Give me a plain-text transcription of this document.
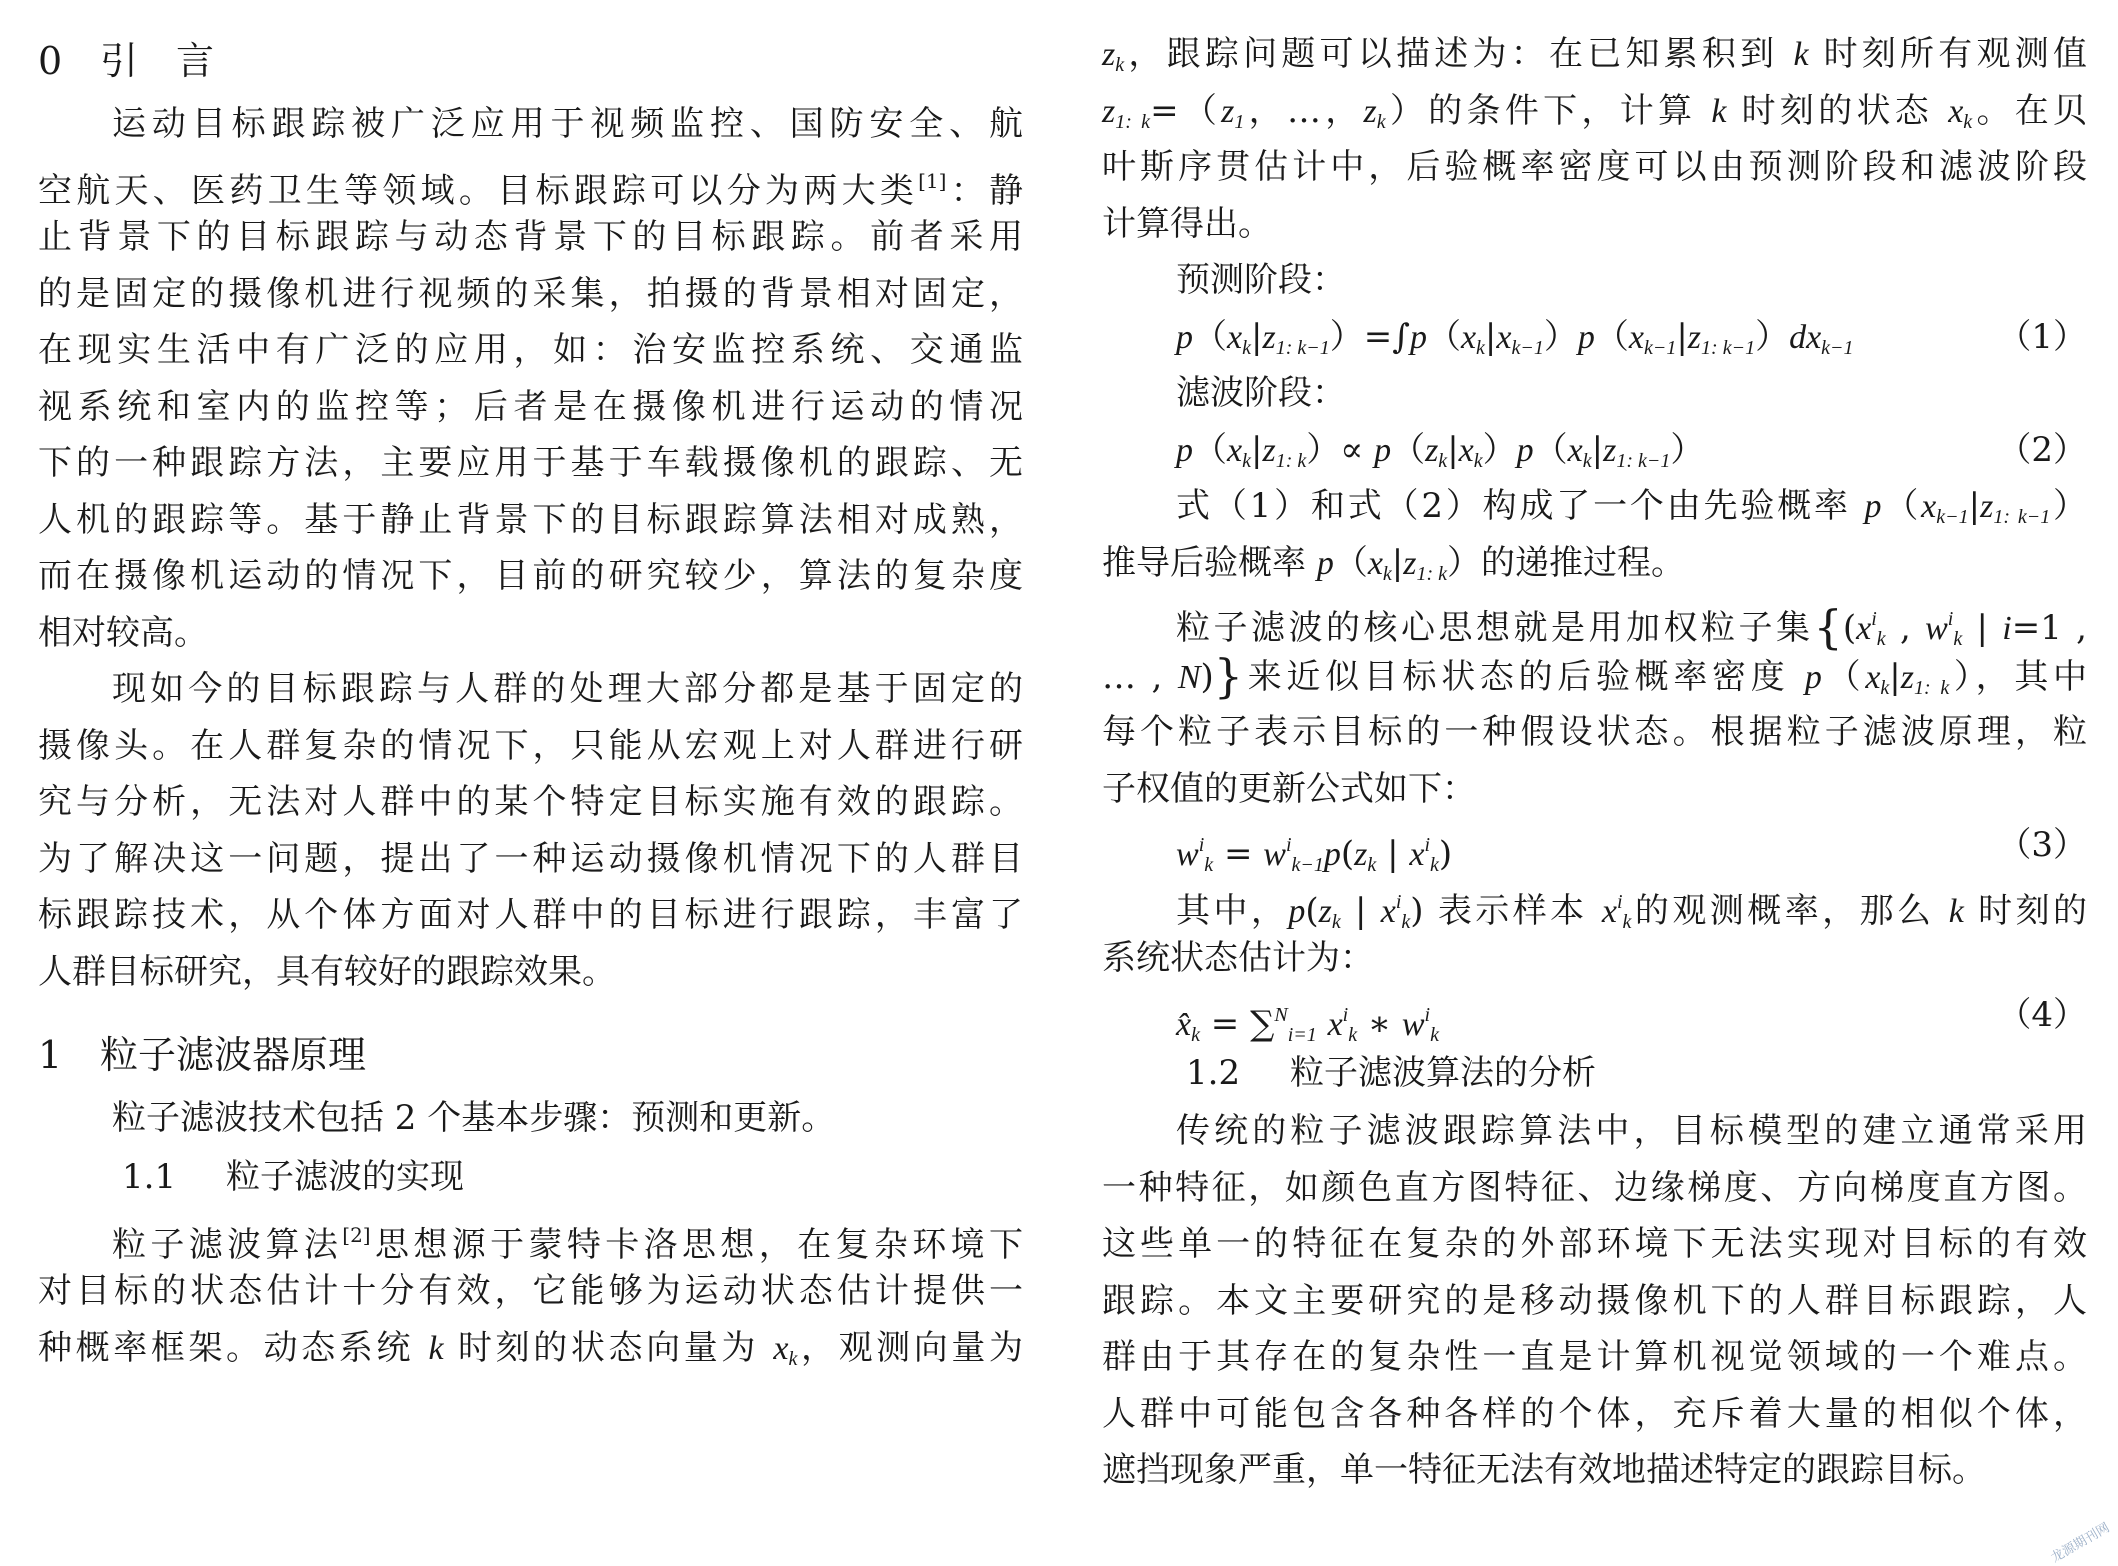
0 引　言
运动目标跟踪被广泛应用于视频监控、国防安全、航
空航天、医药卫生等领域。目标跟踪可以分为两大类[1]：静
止背景下的目标跟踪与动态背景下的目标跟踪。前者采用
的是固定的摄像机进行视频的采集，拍摄的背景相对固定，
在现实生活中有广泛的应用，如：治安监控系统、交通监
视系统和室内的监控等；后者是在摄像机进行运动的情况
下的一种跟踪方法，主要应用于基于车载摄像机的跟踪、无
人机的跟踪等。基于静止背景下的目标跟踪算法相对成熟，
而在摄像机运动的情况下，目前的研究较少，算法的复杂度
相对较高。
现如今的目标跟踪与人群的处理大部分都是基于固定的
摄像头。在人群复杂的情况下，只能从宏观上对人群进行研
究与分析，无法对人群中的某个特定目标实施有效的跟踪。
为了解决这一问题，提出了一种运动摄像机情况下的人群目
标跟踪技术，从个体方面对人群中的目标进行跟踪，丰富了
人群目标研究，具有较好的跟踪效果。
1 粒子滤波器原理
粒子滤波技术包括 2 个基本步骤：预测和更新。
1.1 粒子滤波的实现
粒子滤波算法[2]思想源于蒙特卡洛思想，在复杂环境下
对目标的状态估计十分有效，它能够为运动状态估计提供一
种概率框架。动态系统 k 时刻的状态向量为 $x_k$，观测向量为
$z_k$，跟踪问题可以描述为：在已知累积到 k 时刻所有观测值
$z_{1: k}=(z_1$，…，$z_k$）的条件下，计算 k 时刻的状态 $x_k$。在贝
叶斯序贯估计中，后验概率密度可以由预测阶段和滤波阶段
计算得出。
预测阶段：
$p(x_k|z_{1: k-1})=\int p(x_k|x_{k-1})p(x_{k-1}|z_{1: k-1})dx_{k-1}$	（1）
滤波阶段：
$p(x_k|z_{1: k})\propto p(z_k|x_k)p(x_k|z_{1: k-1})$	（2）
式（1）和式（2）构成了一个由先验概率 $p(x_{k-1}|z_{1: k-1})$
推导后验概率 $p(x_k|z_{1: k})$的递推过程。
粒子滤波的核心思想就是用加权粒子集{($x^i_k$ , $w^i_k$ | i=1 ,
… , N)}来近似目标状态的后验概率密度 $p(x_k|z_{1: k})$，其中
每个粒子表示目标的一种假设状态。根据粒子滤波原理，粒
子权值的更新公式如下：
$w^i_k = w^i_{k-1}p(z_k$ | $x^i_k$)	（3）
其中，$p(z_k$ | $x^i_k$) 表示样本 $x^i_k$的观测概率，那么 k 时刻的
系统状态估计为：
$x̂_k = \sum^N_{i=1}$ $x^i_k$ ∗ $w^i_k$	（4）
1.2 粒子滤波算法的分析
传统的粒子滤波跟踪算法中，目标模型的建立通常采用
一种特征，如颜色直方图特征、边缘梯度、方向梯度直方图。
这些单一的特征在复杂的外部环境下无法实现对目标的有效
跟踪。本文主要研究的是移动摄像机下的人群目标跟踪，人
群由于其存在的复杂性一直是计算机视觉领域的一个难点。
人群中可能包含各种各样的个体，充斥着大量的相似个体，
遮挡现象严重，单一特征无法有效地描述特定的跟踪目标。
龙源期刊网
